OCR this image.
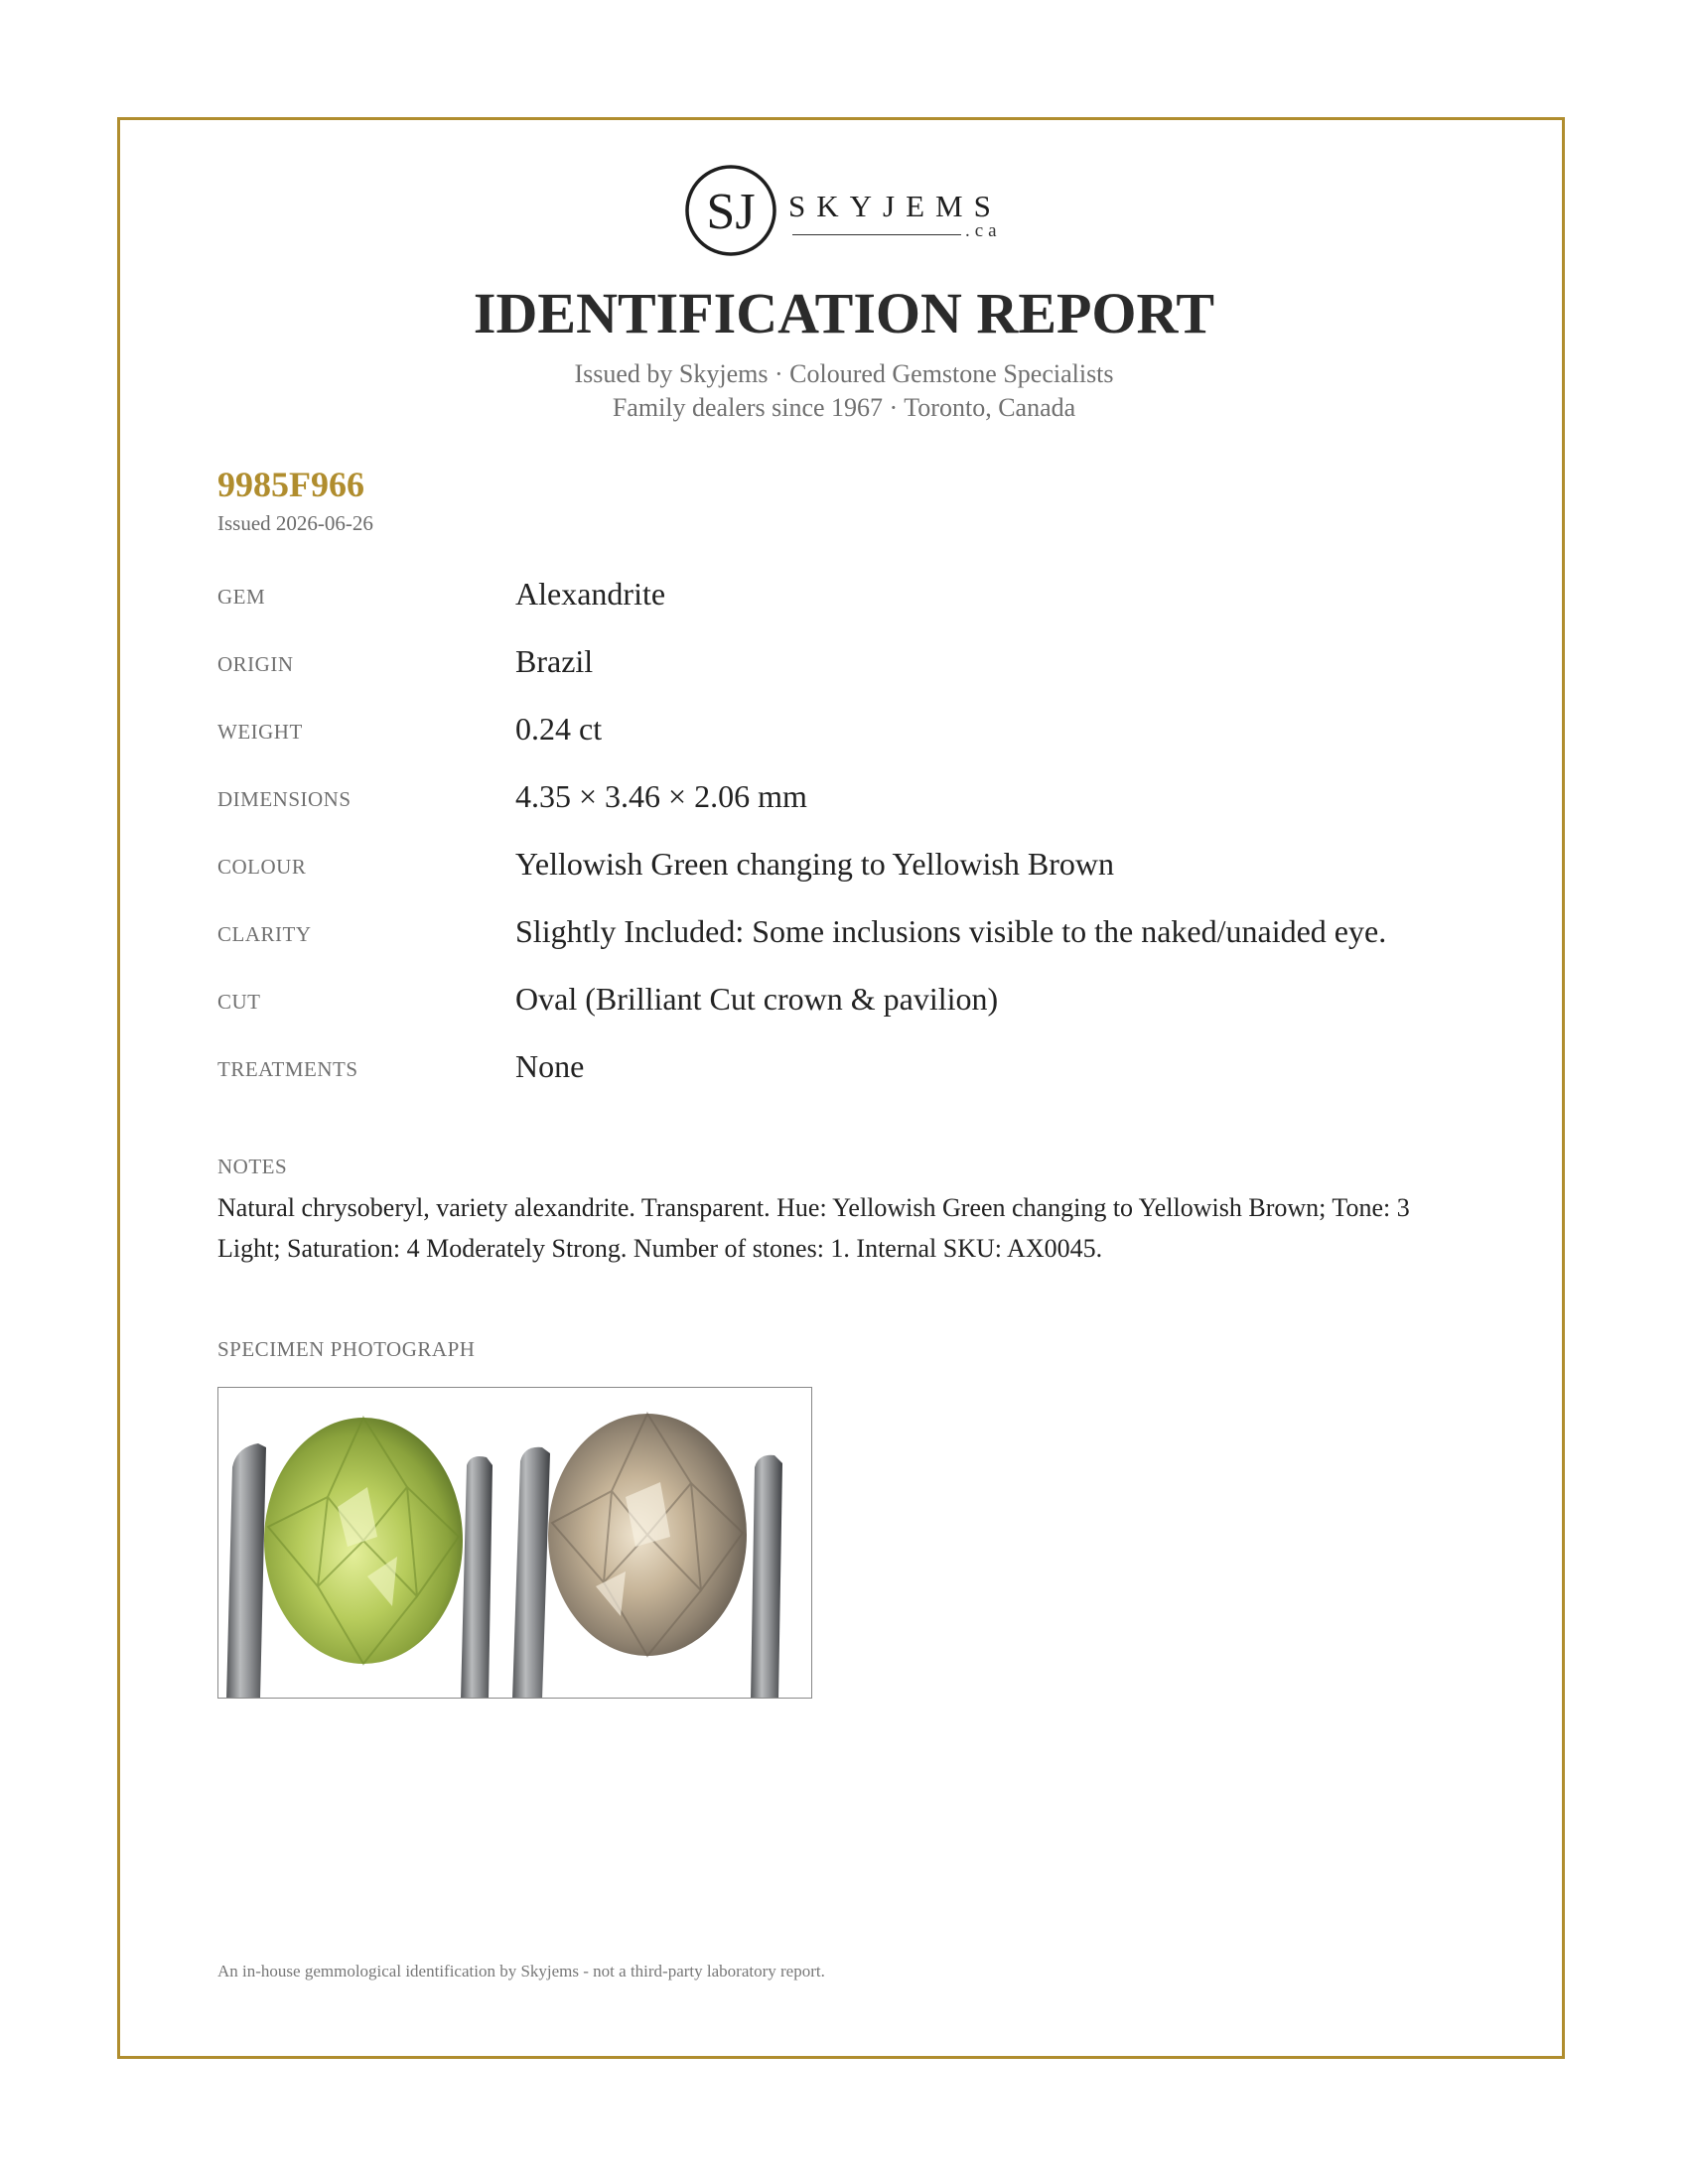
SJ SKYJEMS
.ca
IDENTIFICATION REPORT
Issued by Skyjems · Coloured Gemstone Specialists
Family dealers since 1967 · Toronto, Canada
9985F966
Issued 2026-06-26
GEM	Alexandrite
ORIGIN	Brazil
WEIGHT	0.24 ct
DIMENSIONS	4.35 × 3.46 × 2.06 mm
COLOUR	Yellowish Green changing to Yellowish Brown
CLARITY	Slightly Included: Some inclusions visible to the naked/unaided eye.
CUT	Oval (Brilliant Cut crown & pavilion)
TREATMENTS	None
NOTES
Natural chrysoberyl, variety alexandrite. Transparent. Hue: Yellowish Green changing to Yellowish Brown; Tone: 3 Light; Saturation: 4 Moderately Strong. Number of stones: 1. Internal SKU: AX0045.
SPECIMEN PHOTOGRAPH
An in-house gemmological identification by Skyjems - not a third-party laboratory report.
